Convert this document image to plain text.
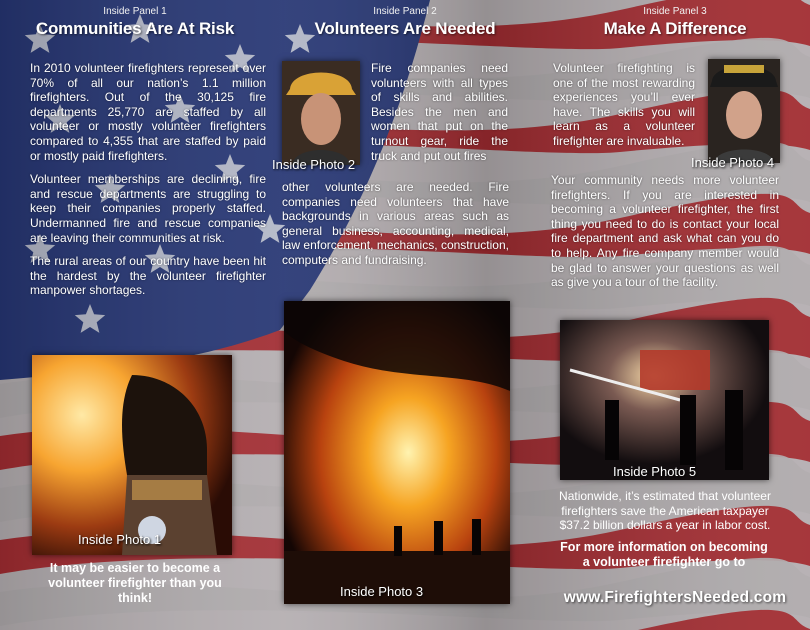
Inside Panel 1
Communities Are At Risk

In 2010 volunteer firefighters represent over 70% of all our nation’s 1.1 million firefighters. Out of the 30,125 fire departments 25,770 are staffed by all volunteer or mostly volunteer firefighters compared to 4,355 that are staffed by paid or mostly paid firefighters.

Volunteer memberships are declining, fire and rescue departments are struggling to keep their companies properly staffed. Undermanned fire and rescue companies are leaving their communities at risk.

The rural areas of our country have been hit the hardest by the volunteer firefighter manpower shortages.

Inside Photo 1
It may be easier to become a volunteer firefighter than you think!
Inside Panel 2
Volunteers Are Needed
Inside Photo 2
Fire companies need volunteers with all types of skills and abilities. Besides the men and women that put on the turnout gear, ride the truck and put out fires
other volunteers are needed. Fire companies need volunteers that have backgrounds in various areas such as general business, accounting, medical, law enforcement, mechanics, construction, computers and fundraising.
Inside Photo 3
Inside Panel 3
Make A Difference
Volunteer firefighting is one of the most rewarding experiences you’ll ever have. The skills you will learn as a volunteer firefighter are invaluable.
Inside Photo 4
Your community needs more volunteer firefighters. If you are interested in becoming a volunteer firefighter, the first thing you need to do is contact your local fire department and ask what can you do to help. Any fire company member would be glad to answer your questions as well as give you a tour of the facility.
Inside Photo 5
Nationwide, it’s estimated that volunteer firefighters save the American taxpayer $37.2 billion dollars a year in labor cost.
For more information on becoming a volunteer firefighter go to
www.FirefightersNeeded.com
